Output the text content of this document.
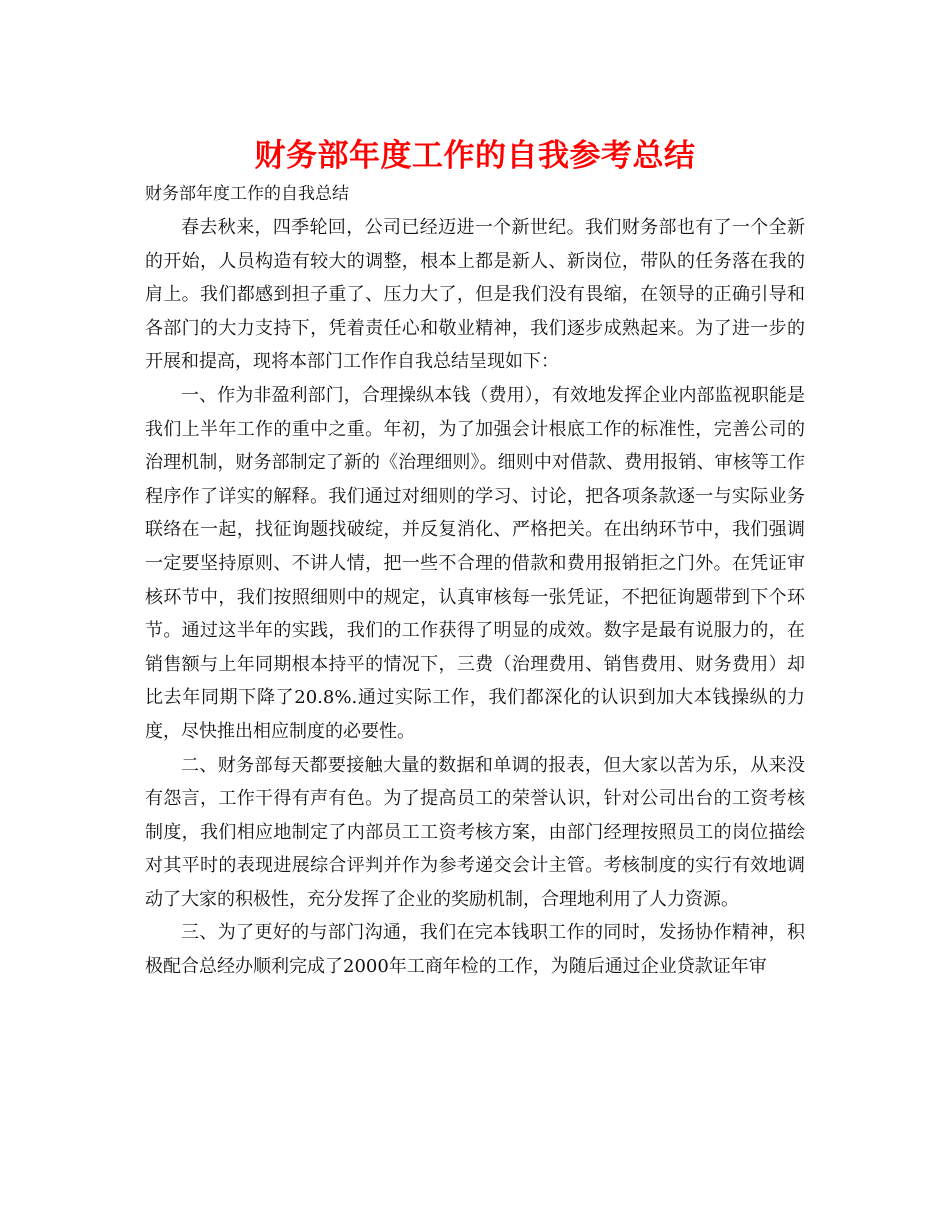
财务部年度工作的自我参考总结
财务部年度工作的自我总结

春去秋来，四季轮回，公司已经迈进一个新世纪。我们财务部也有了一个全新的开始，人员构造有较大的调整，根本上都是新人、新岗位，带队的任务落在我的肩上。我们都感到担子重了、压力大了，但是我们没有畏缩，在领导的正确引导和各部门的大力支持下，凭着责任心和敬业精神，我们逐步成熟起来。为了进一步的开展和提高，现将本部门工作作自我总结呈现如下：

一、作为非盈利部门，合理操纵本钱（费用），有效地发挥企业内部监视职能是我们上半年工作的重中之重。年初，为了加强会计根底工作的标准性，完善公司的治理机制，财务部制定了新的《治理细则》。细则中对借款、费用报销、审核等工作程序作了详实的解释。我们通过对细则的学习、讨论，把各项条款逐一与实际业务联络在一起，找征询题找破绽，并反复消化、严格把关。在出纳环节中，我们强调一定要坚持原则、不讲人情，把一些不合理的借款和费用报销拒之门外。在凭证审核环节中，我们按照细则中的规定，认真审核每一张凭证，不把征询题带到下个环节。通过这半年的实践，我们的工作获得了明显的成效。数字是最有说服力的，在销售额与上年同期根本持平的情况下，三费（治理费用、销售费用、财务费用）却比去年同期下降了20.8%.通过实际工作，我们都深化的认识到加大本钱操纵的力度，尽快推出相应制度的必要性。

二、财务部每天都要接触大量的数据和单调的报表，但大家以苦为乐，从来没有怨言，工作干得有声有色。为了提高员工的荣誉认识，针对公司出台的工资考核制度，我们相应地制定了内部员工工资考核方案，由部门经理按照员工的岗位描绘对其平时的表现进展综合评判并作为参考递交会计主管。考核制度的实行有效地调动了大家的积极性，充分发挥了企业的奖励机制，合理地利用了人力资源。

三、为了更好的与部门沟通，我们在完本钱职工作的同时，发扬协作精神，积极配合总经办顺利完成了2000年工商年检的工作，为随后通过企业贷款证年审
